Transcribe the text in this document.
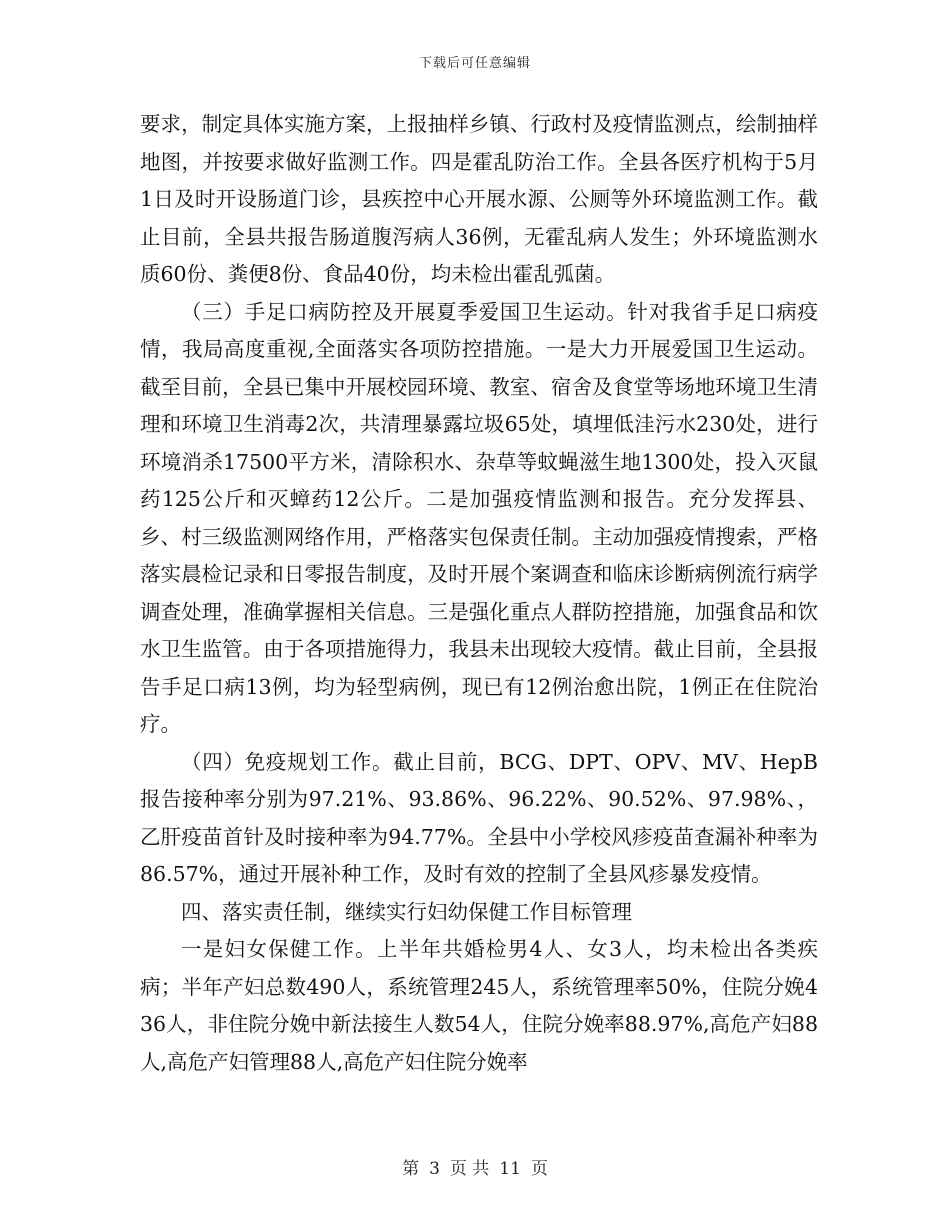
下载后可任意编辑

要求，制定具体实施方案，上报抽样乡镇、行政村及疫情监测点，绘制抽样地图，并按要求做好监测工作。四是霍乱防治工作。全县各医疗机构于5月1日及时开设肠道门诊，县疾控中心开展水源、公厕等外环境监测工作。截止目前，全县共报告肠道腹泻病人36例，无霍乱病人发生；外环境监测水质60份、粪便8份、食品40份，均未检出霍乱弧菌。

（三）手足口病防控及开展夏季爱国卫生运动。针对我省手足口病疫情，我局高度重视,全面落实各项防控措施。一是大力开展爱国卫生运动。截至目前，全县已集中开展校园环境、教室、宿舍及食堂等场地环境卫生清理和环境卫生消毒2次，共清理暴露垃圾65处，填埋低洼污水230处，进行环境消杀17500平方米，清除积水、杂草等蚊蝇滋生地1300处，投入灭鼠药125公斤和灭蟑药12公斤。二是加强疫情监测和报告。充分发挥县、乡、村三级监测网络作用，严格落实包保责任制。主动加强疫情搜索，严格落实晨检记录和日零报告制度，及时开展个案调查和临床诊断病例流行病学调查处理，准确掌握相关信息。三是强化重点人群防控措施，加强食品和饮水卫生监管。由于各项措施得力，我县未出现较大疫情。截止目前，全县报告手足口病13例，均为轻型病例，现已有12例治愈出院，1例正在住院治疗。

（四）免疫规划工作。截止目前，BCG、DPT、OPV、MV、HepB报告接种率分别为97.21%、93.86%、96.22%、90.52%、97.98%、，乙肝疫苗首针及时接种率为94.77%。全县中小学校风疹疫苗查漏补种率为86.57%，通过开展补种工作，及时有效的控制了全县风疹暴发疫情。

四、落实责任制，继续实行妇幼保健工作目标管理

一是妇女保健工作。上半年共婚检男4人、女3人，均未检出各类疾病；半年产妇总数490人，系统管理245人，系统管理率50%，住院分娩436人，非住院分娩中新法接生人数54人，住院分娩率88.97%,高危产妇88人,高危产妇管理88人,高危产妇住院分娩率

第 3 页 共 11 页
